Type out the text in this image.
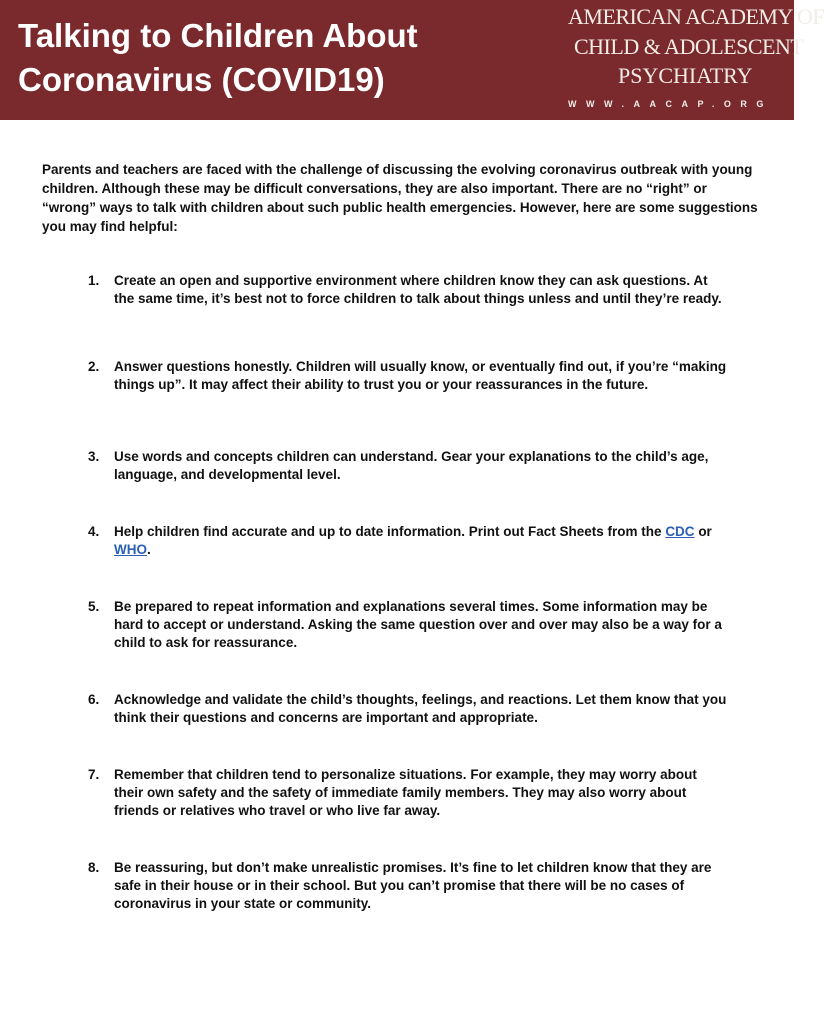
Talking to Children About
Coronavirus (COVID19)
AMERICAN ACADEMY OF
CHILD & ADOLESCENT
PSYCHIATRY
WWW.AACAP.ORG

Parents and teachers are faced with the challenge of discussing the evolving coronavirus outbreak with young children. Although these may be difficult conversations, they are also important. There are no “right” or “wrong” ways to talk with children about such public health emergencies. However, here are some suggestions you may find helpful:

1.	Create an open and supportive environment where children know they can ask questions. At the same time, it’s best not to force children to talk about things unless and until they’re ready.
2.	Answer questions honestly. Children will usually know, or eventually find out, if you’re “making things up”. It may affect their ability to trust you or your reassurances in the future.
3.	Use words and concepts children can understand. Gear your explanations to the child’s age, language, and developmental level.
4.	Help children find accurate and up to date information. Print out Fact Sheets from the CDC or WHO.
5.	Be prepared to repeat information and explanations several times. Some information may be hard to accept or understand. Asking the same question over and over may also be a way for a child to ask for reassurance.
6.	Acknowledge and validate the child’s thoughts, feelings, and reactions. Let them know that you think their questions and concerns are important and appropriate.
7.	Remember that children tend to personalize situations. For example, they may worry about their own safety and the safety of immediate family members. They may also worry about friends or relatives who travel or who live far away.
8.	Be reassuring, but don’t make unrealistic promises. It’s fine to let children know that they are safe in their house or in their school. But you can’t promise that there will be no cases of coronavirus in your state or community.
